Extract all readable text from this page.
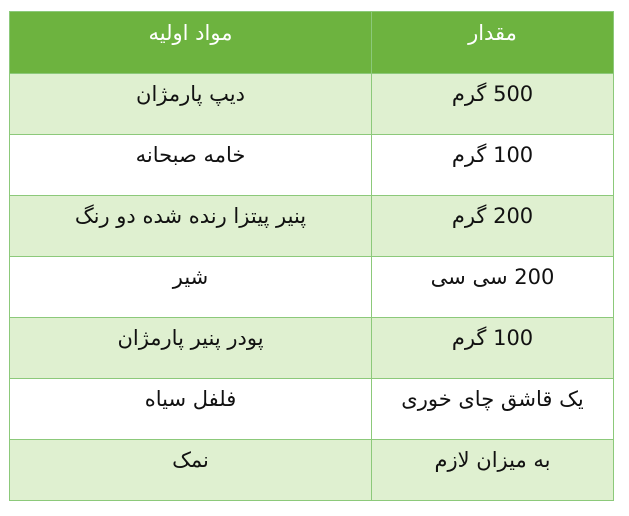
مقدار	مواد اولیه
500 گرم	دیپ پارمژان
100 گرم	خامه صبحانه
200 گرم	پنیر پیتزا رنده شده دو رنگ
200 سی سی	شیر
100 گرم	پودر پنیر پارمژان
یک قاشق چای خوری	فلفل سیاه
به میزان لازم	نمک
